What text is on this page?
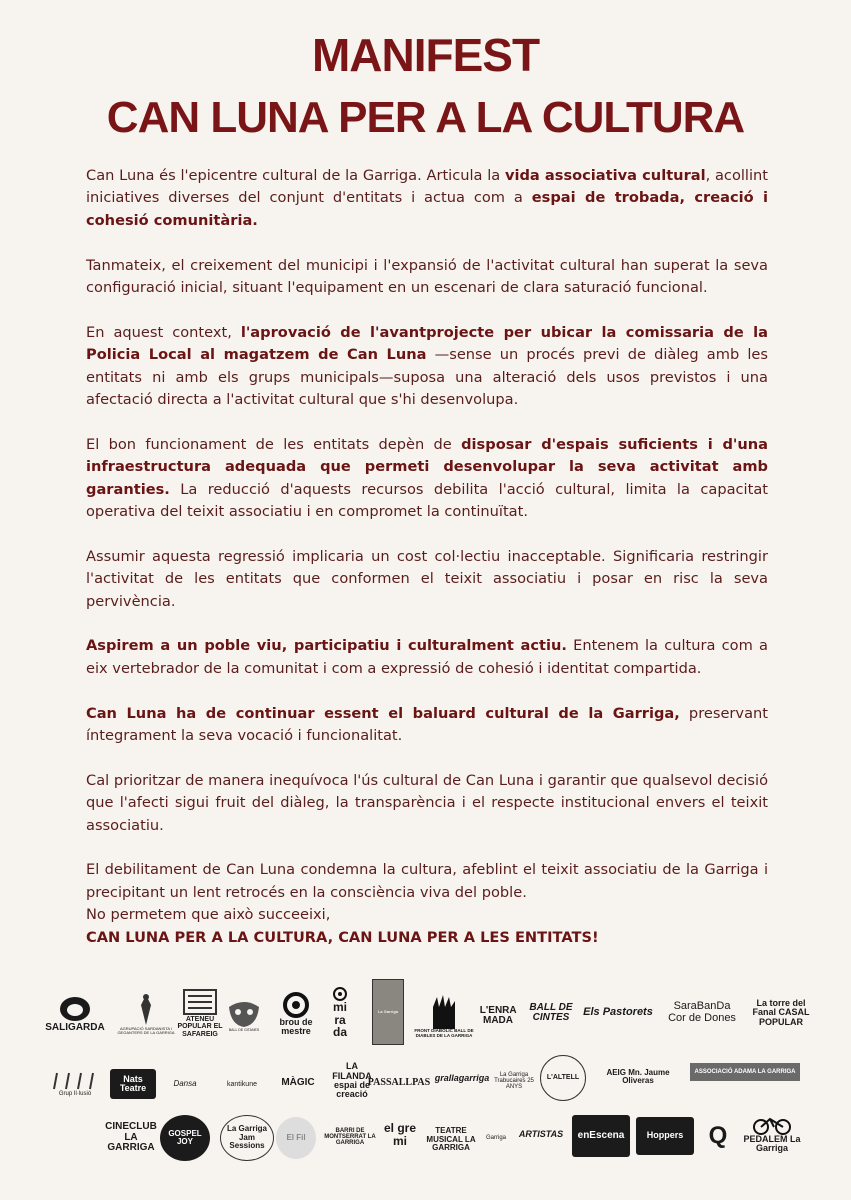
MANIFEST
CAN LUNA PER A LA CULTURA

Can Luna és l'epicentre cultural de la Garriga. Articula la vida associativa cultural, acollint iniciatives diverses del conjunt d'entitats i actua com a espai de trobada, creació i cohesió comunitària.

Tanmateix, el creixement del municipi i l'expansió de l'activitat cultural han superat la seva configuració inicial, situant l'equipament en un escenari de clara saturació funcional.

En aquest context, l'aprovació de l'avantprojecte per ubicar la comissaria de la Policia Local al magatzem de Can Luna —sense un procés previ de diàleg amb les entitats ni amb els grups municipals—suposa una alteració dels usos previstos i una afectació directa a l'activitat cultural que s'hi desenvolupa.

El bon funcionament de les entitats depèn de disposar d'espais suficients i d'una infraestructura adequada que permeti desenvolupar la seva activitat amb garanties. La reducció d'aquests recursos debilita l'acció cultural, limita la capacitat operativa del teixit associatiu i en compromet la continuïtat.

Assumir aquesta regressió implicaria un cost col·lectiu inacceptable. Significaria restringir l'activitat de les entitats que conformen el teixit associatiu i posar en risc la seva pervivència.

Aspirem a un poble viu, participatiu i culturalment actiu. Entenem la cultura com a eix vertebrador de la comunitat i com a expressió de cohesió i identitat compartida.

Can Luna ha de continuar essent el baluard cultural de la Garriga, preservant íntegrament la seva vocació i funcionalitat.

Cal prioritzar de manera inequívoca l'ús cultural de Can Luna i garantir que qualsevol decisió que l'afecti sigui fruit del diàleg, la transparència i el respecte institucional envers el teixit associatiu.

El debilitament de Can Luna condemna la cultura, afeblint el teixit associatiu de la Garriga i precipitant un lent retrocés en la consciència viva del poble.
No permetem que això succeeixi,
CAN LUNA PER A LA CULTURA, CAN LUNA PER A LES ENTITATS!

SALIGARDA	AGRUPACIÓ SARDANISTA I GEGANTERS DE LA GARRIGA
ATENEU POPULAR EL SAFAREIG
BALL DE GITANES
brou de mestre
mi ra da
La Garriga
FRONT DIABÒLIC BALL DE DIABLES DE LA GARRIGA
L'ENRA MADA
BALL DE CINTES	Els Pastorets	SaraBanDa Cor de Dones
La torre del Fanal CASAL POPULAR
Grup Il·lusió
Nats Teatre	Dansa	kantikune MÀGIC
LA FILANDA espai de creació
PASSALLPAS grallagarriga	La Garriga Trabucaires 25 ANYS
L'ALTELL
AEIG Mn. Jaume Oliveras
ASSOCIACIÓ ADAMA LA GARRIGA
CINECLUB LA GARRIGA
GOSPEL JOY
La Garriga Jam Sessions
El Fil
BARRI DE MONTSERRAT LA GARRIGA
el gre mi
TEATRE MUSICAL LA GARRIGA
Garriga ARTISTAS enEscena Hoppers Q	PEDALEM La Garriga
